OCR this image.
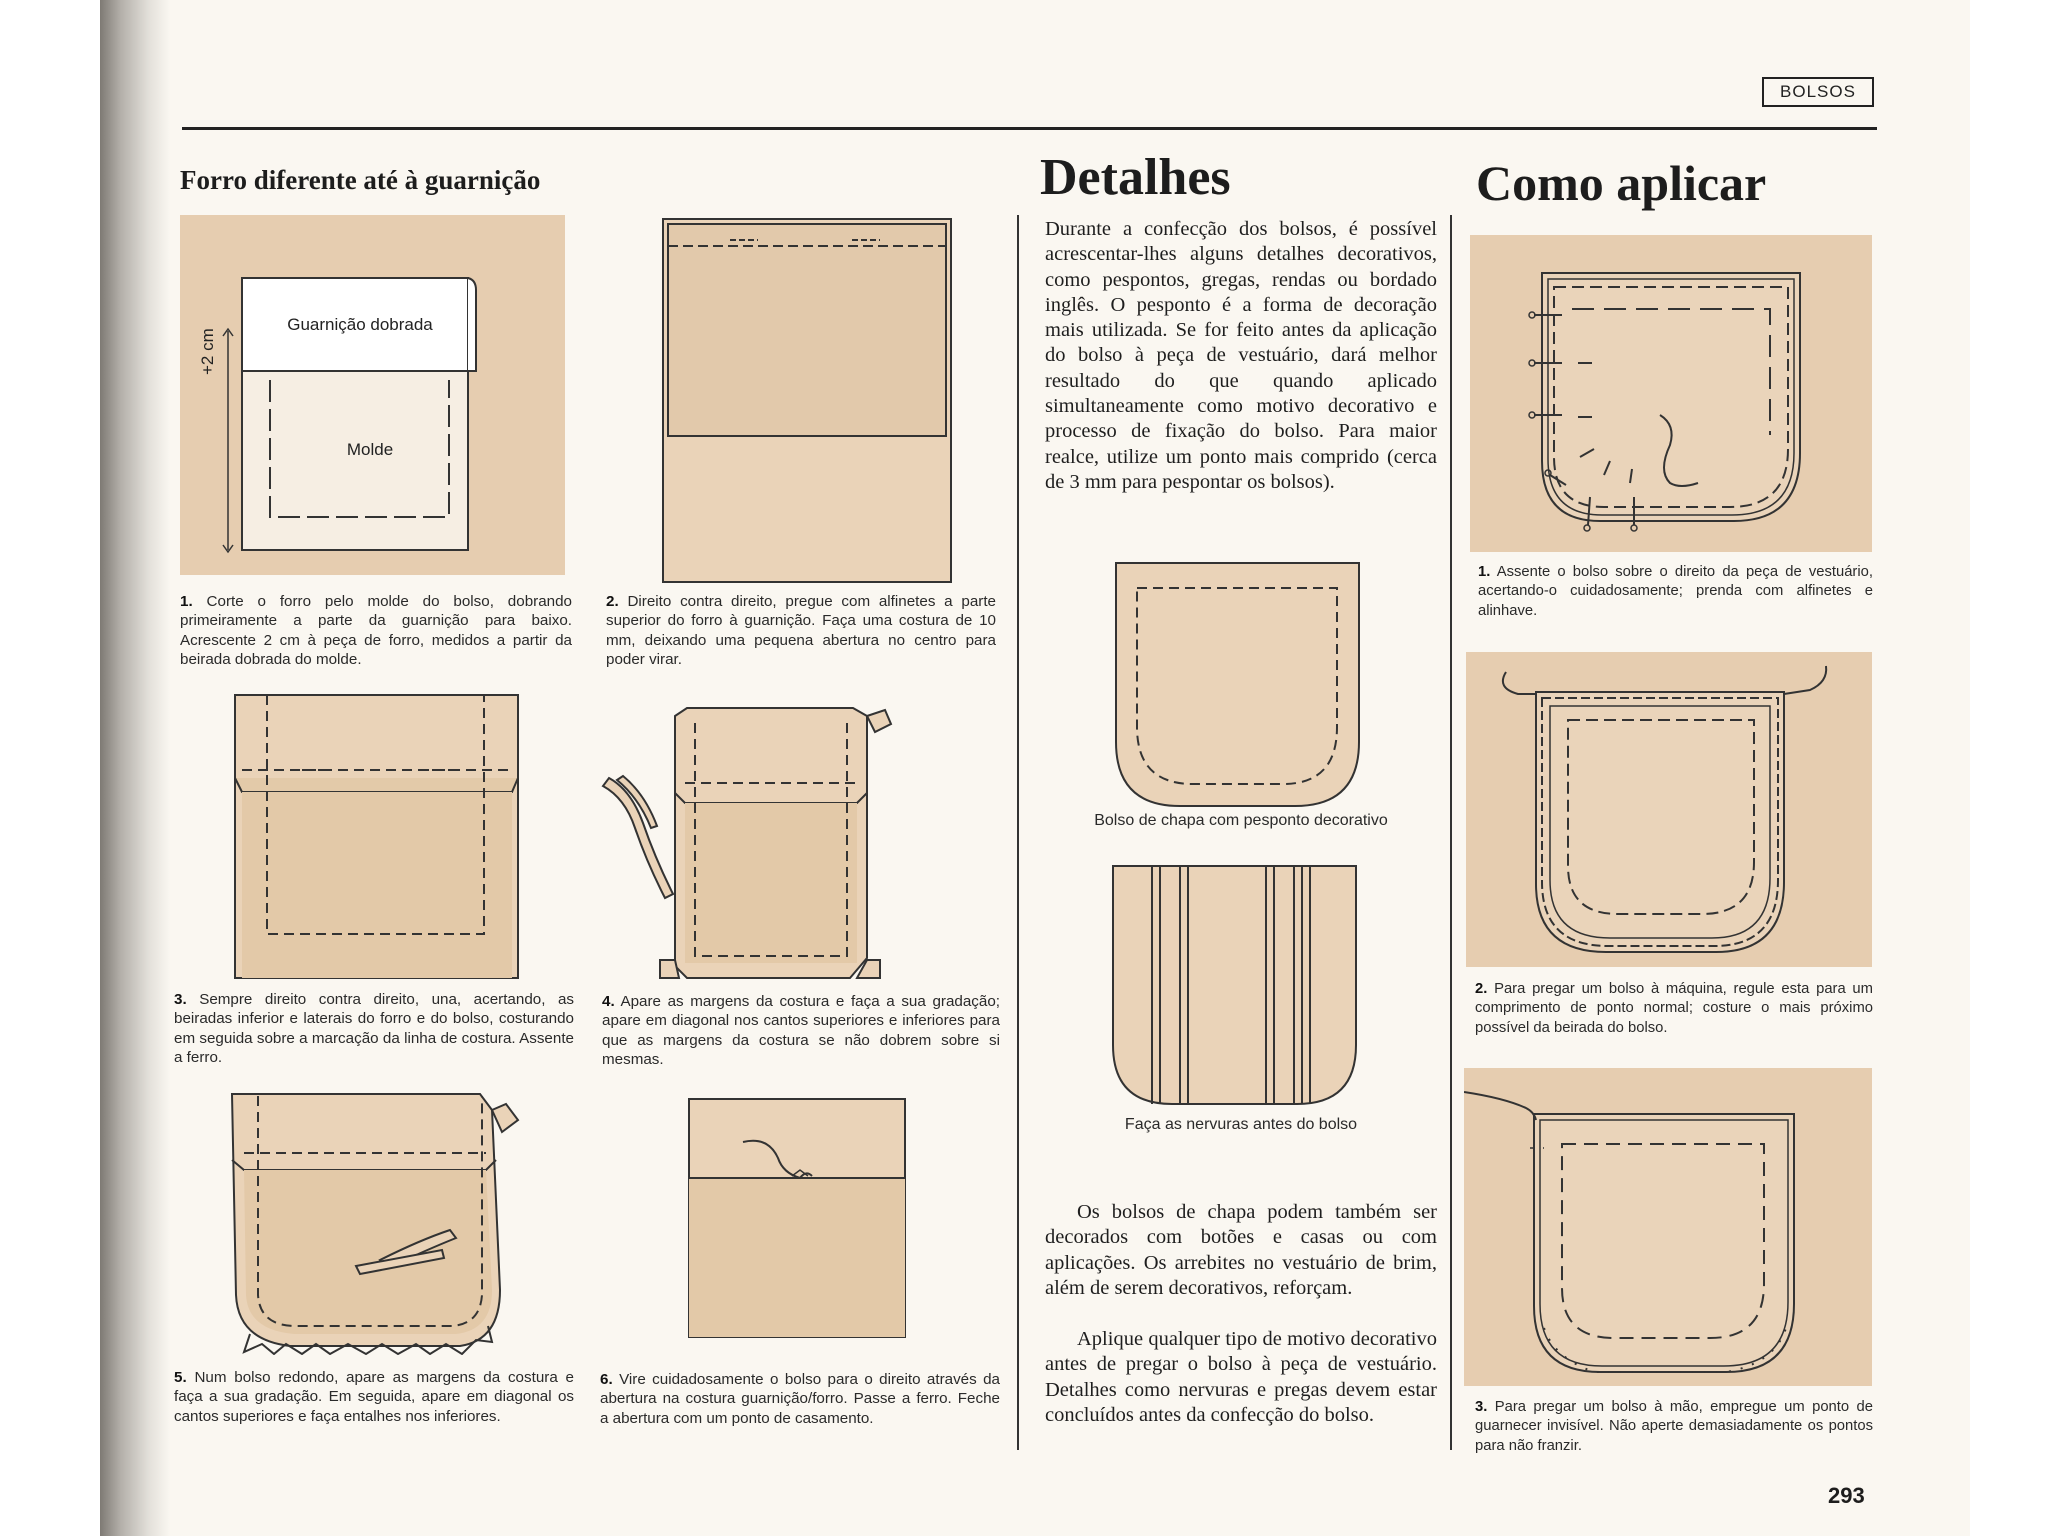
BOLSOS
Forro diferente até à guarnição
Guarnição dobrada
Molde
+2 cm
1. Corte o forro pelo molde do bolso, dobrando primeiramente a parte da guarnição para baixo. Acrescente 2 cm à peça de forro, medidos a partir da beirada dobrada do molde.
2. Direito contra direito, pregue com alfinetes a parte superior do forro à guarnição. Faça uma costura de 10 mm, deixando uma pequena abertura no centro para poder virar.
3. Sempre direito contra direito, una, acertando, as beiradas inferior e laterais do forro e do bolso, costurando em seguida sobre a marcação da linha de costura. Assente a ferro.
4. Apare as margens da costura e faça a sua gradação; apare em diagonal nos cantos superiores e inferiores para que as margens da costura se não dobrem sobre si mesmas.
5. Num bolso redondo, apare as margens da costura e faça a sua gradação. Em seguida, apare em diagonal os cantos superiores e faça entalhes nos inferiores.
6. Vire cuidadosamente o bolso para o direito através da abertura na costura guarnição/forro. Passe a ferro. Feche a abertura com um ponto de casamento.
Detalhes
Durante a confecção dos bolsos, é possível acrescentar-lhes alguns detalhes decorativos, como pespontos, gregas, rendas ou bordado inglês. O pesponto é a forma de decoração mais utilizada. Se for feito antes da aplicação do bolso à peça de vestuário, dará melhor resultado do que quando aplicado simultaneamente como motivo decorativo e processo de fixação do bolso. Para maior realce, utilize um ponto mais comprido (cerca de 3 mm para pespontar os bolsos).
Bolso de chapa com pesponto decorativo
Faça as nervuras antes do bolso
Os bolsos de chapa podem também ser decorados com botões e casas ou com aplicações. Os arrebites no vestuário de brim, além de serem decorativos, reforçam.
Aplique qualquer tipo de motivo decorativo antes de pregar o bolso à peça de vestuário. Detalhes como nervuras e pregas devem estar concluídos antes da confecção do bolso.
Como aplicar
1. Assente o bolso sobre o direito da peça de vestuário, acertando-o cuidadosamente; prenda com alfinetes e alinhave.
2. Para pregar um bolso à máquina, regule esta para um comprimento de ponto normal; costure o mais próximo possível da beirada do bolso.
3. Para pregar um bolso à mão, empregue um ponto de guarnecer invisível. Não aperte demasiadamente os pontos para não franzir.
293
